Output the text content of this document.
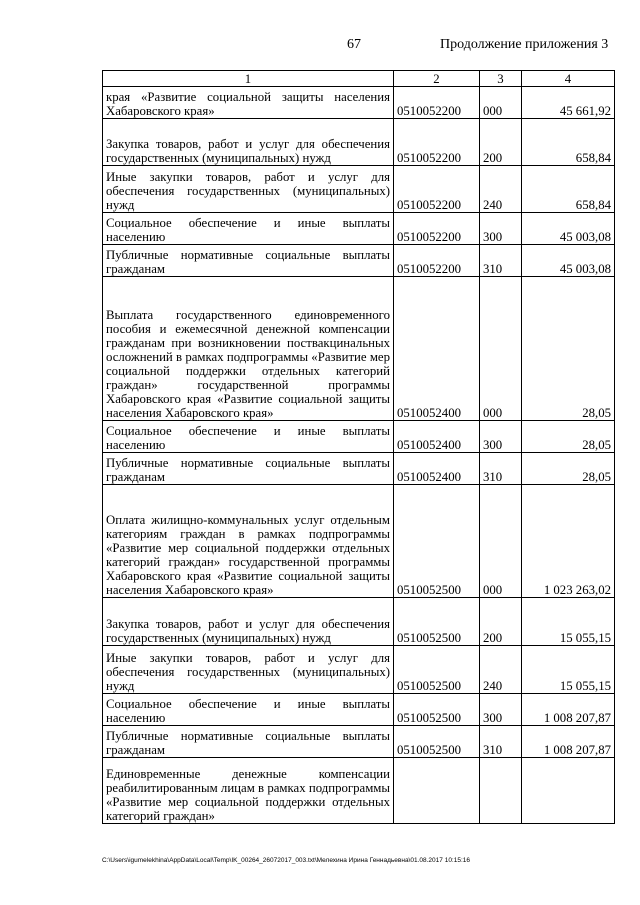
67	Продолжение приложения 3
1	2	3	4
края «Развитие социальной защиты населения Хабаровского края»	0510052200	000	45 661,92
Закупка товаров, работ и услуг для обеспечения государственных (муниципальных) нужд	0510052200	200	658,84
Иные закупки товаров, работ и услуг для обеспечения государственных (муниципальных) нужд	0510052200	240	658,84
Социальное обеспечение и иные выплаты населению	0510052200	300	45 003,08
Публичные нормативные социальные выплаты гражданам	0510052200	310	45 003,08
Выплата государственного единовременного пособия и ежемесячной денежной компенсации гражданам при возникновении поствакцинальных осложнений в рамках подпрограммы «Развитие мер социальной поддержки отдельных категорий граждан» государственной программы Хабаровского края «Развитие социальной защиты населения Хабаровского края»	0510052400	000	28,05
Социальное обеспечение и иные выплаты населению	0510052400	300	28,05
Публичные нормативные социальные выплаты гражданам	0510052400	310	28,05
Оплата жилищно-коммунальных услуг отдельным категориям граждан в рамках подпрограммы «Развитие мер социальной поддержки отдельных категорий граждан» государственной программы Хабаровского края «Развитие социальной защиты населения Хабаровского края»	0510052500	000	1 023 263,02
Закупка товаров, работ и услуг для обеспечения государственных (муниципальных) нужд	0510052500	200	15 055,15
Иные закупки товаров, работ и услуг для обеспечения государственных (муниципальных) нужд	0510052500	240	15 055,15
Социальное обеспечение и иные выплаты населению	0510052500	300	1 008 207,87
Публичные нормативные социальные выплаты гражданам	0510052500	310	1 008 207,87
Единовременные денежные компенсации реабилитированным лицам в рамках подпрограммы «Развитие мер социальной поддержки отдельных категорий граждан»			
C:\Users\igumelekhina\AppData\Local\Temp\IK_00264_26072017_003.txt\Мелехина Ирина Геннадьевна\01.08.2017 10:15:16
